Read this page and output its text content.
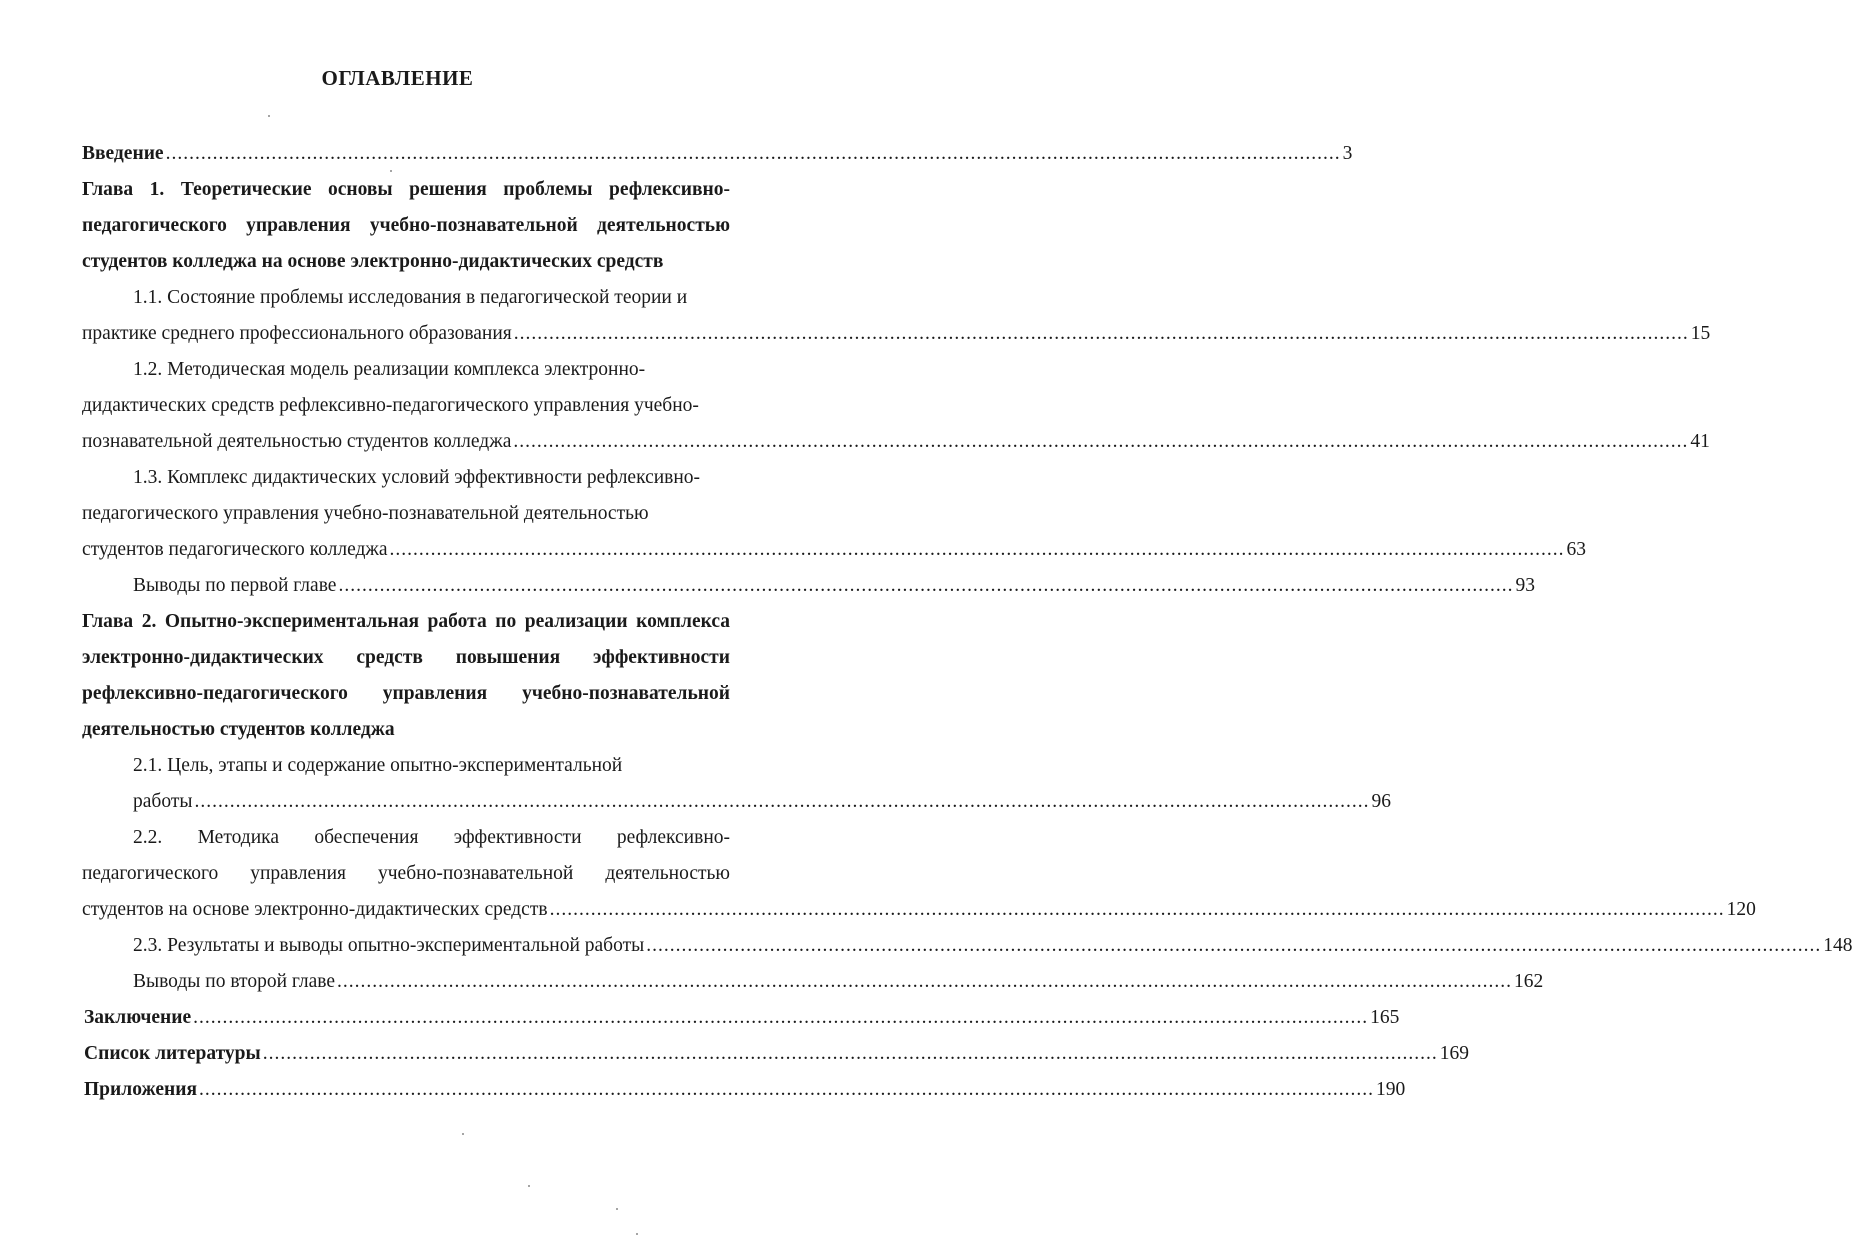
ОГЛАВЛЕНИЕ
Введение ........................................................................................................................................................................................................ 3
Глава 1. Теоретические основы решения проблемы рефлексивно-
педагогического управления учебно-познавательной деятельностью
студентов колледжа на основе электронно-дидактических средств
1.1. Состояние проблемы исследования в педагогической теории и
практике среднего профессионального образования ........................................................................................................................................................................................................ 15
1.2. Методическая модель реализации комплекса электронно-
дидактических средств рефлексивно-педагогического управления учебно-
познавательной деятельностью студентов колледжа ........................................................................................................................................................................................................ 41
1.3. Комплекс дидактических условий эффективности рефлексивно-
педагогического управления учебно-познавательной деятельностью
студентов педагогического колледжа ........................................................................................................................................................................................................ 63
Выводы по первой главе ........................................................................................................................................................................................................ 93
Глава 2. Опытно-экспериментальная работа по реализации комплекса
электронно-дидактических средств повышения эффективности
рефлексивно-педагогического управления учебно-познавательной
деятельностью студентов колледжа
2.1. Цель, этапы и содержание опытно-экспериментальной
работы ........................................................................................................................................................................................................ 96
2.2. Методика обеспечения эффективности рефлексивно-
педагогического управления учебно-познавательной деятельностью
студентов на основе электронно-дидактических средств ........................................................................................................................................................................................................ 120
2.3. Результаты и выводы опытно-экспериментальной работы ........................................................................................................................................................................................................ 148
Выводы по второй главе ........................................................................................................................................................................................................ 162
Заключение ........................................................................................................................................................................................................ 165
Список литературы ........................................................................................................................................................................................................ 169
Приложения ........................................................................................................................................................................................................ 190
